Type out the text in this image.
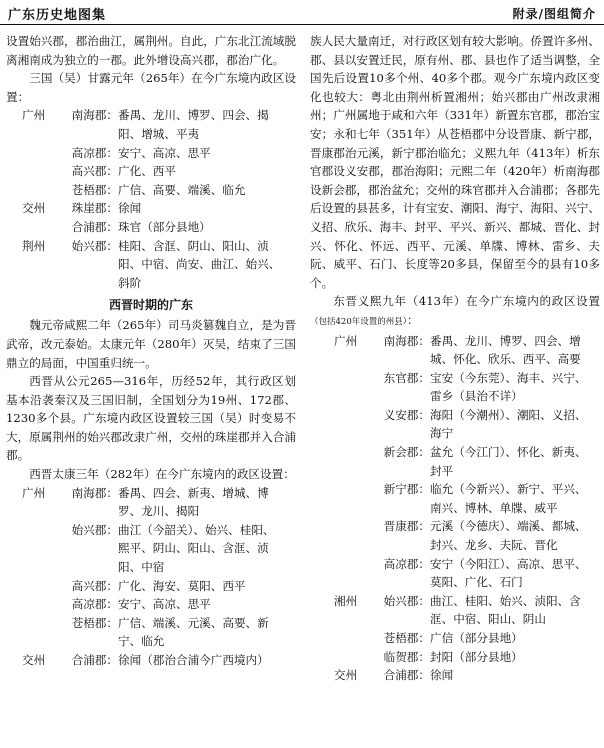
广东历史地图集	附录/图组简介

设置始兴郡，郡治曲江，属荆州。自此，广东北江流域脱离湘南成为独立的一郡。此外增设高兴郡，郡治广化。

三国（吴）甘露元年（265年）在今广东境内政区设置：

广州	南海郡： 番禺、龙川、博罗、四会、揭
阳、增城、平夷
高凉郡： 安宁、高凉、思平
高兴郡： 广化、西平
苍梧郡： 广信、高要、端溪、临允
交州	珠崖郡： 徐闻
合浦郡： 珠官（部分县地）
荆州	始兴郡： 桂阳、含洭、阴山、阳山、浈
阳、中宿、尚安、曲江、始兴、
斜阶
西晋时期的广东

魏元帝咸熙二年（265年）司马炎篡魏自立，是为晋武帝，改元泰始。太康元年（280年）灭吴，结束了三国鼎立的局面，中国重归统一。

西晋从公元265—316年，历经52年，其行政区划基本沿袭秦汉及三国旧制，全国划分为19州、172郡、1230多个县。广东境内政区设置较三国（吴）时变易不大，原属荆州的始兴郡改隶广州，交州的珠崖郡并入合浦郡。

西晋太康三年（282年）在今广东境内的政区设置：

广州	南海郡： 番禺、四会、新夷、增城、博
罗、龙川、揭阳
始兴郡： 曲江（今韶关）、始兴、桂阳、
熙平、阴山、阳山、含洭、浈
阳、中宿
高兴郡： 广化、海安、莫阳、西平
高凉郡： 安宁、高凉、思平
苍梧郡： 广信、端溪、元溪、高要、新
宁、临允
交州	合浦郡： 徐闻（郡治合浦今广西境内）

族人民大量南迁，对行政区划有较大影响。侨置许多州、郡、县以安置迁民，原有州、郡、县也作了适当调整，全国先后设置10多个州、40多个郡。观今广东境内政区变化也较大：粤北由荆州析置湘州；始兴郡由广州改隶湘州；广州属地于咸和六年（331年）新置东官郡，郡治宝安；永和七年（351年）从苍梧郡中分设晋康、新宁郡，晋康郡治元溪，新宁郡治临允；义熙九年（413年）析东官郡设义安郡，郡治海阳；元熙二年（420年）析南海郡设新会郡，郡治盆允；交州的珠官郡并入合浦郡；各郡先后设置的县甚多，计有宝安、潮阳、海宁、海阳、兴宁、义招、欣乐、海丰、封平、平兴、新兴、都城、晋化、封兴、怀化、怀远、西平、元溪、单牒、博林、雷乡、夫阮、威平、石门、长度等20多县，保留至今的县有10多个。

东晋义熙九年（413年）在今广东境内的政区设置（包括420年设置的州县）：

广州	南海郡： 番禺、龙川、博罗、四会、增
城、怀化、欣乐、西平、高要
东官郡： 宝安（今东莞）、海丰、兴宁、
雷乡（县治不详）
义安郡： 海阳（今潮州）、潮阳、义招、
海宁
新会郡： 盆允（今江门）、怀化、新夷、
封平
新宁郡： 临允（今新兴）、新宁、平兴、
南兴、博林、单牒、威平
晋康郡： 元溪（今德庆）、端溪、都城、
封兴、龙乡、夫阮、晋化
高凉郡： 安宁（今阳江）、高凉、思平、
莫阳、广化、石门
湘州	始兴郡： 曲江、桂阳、始兴、浈阳、含
洭、中宿、阳山、阴山
苍梧郡： 广信（部分县地）
临贺郡： 封阳（部分县地）
交州	合浦郡： 徐闻
